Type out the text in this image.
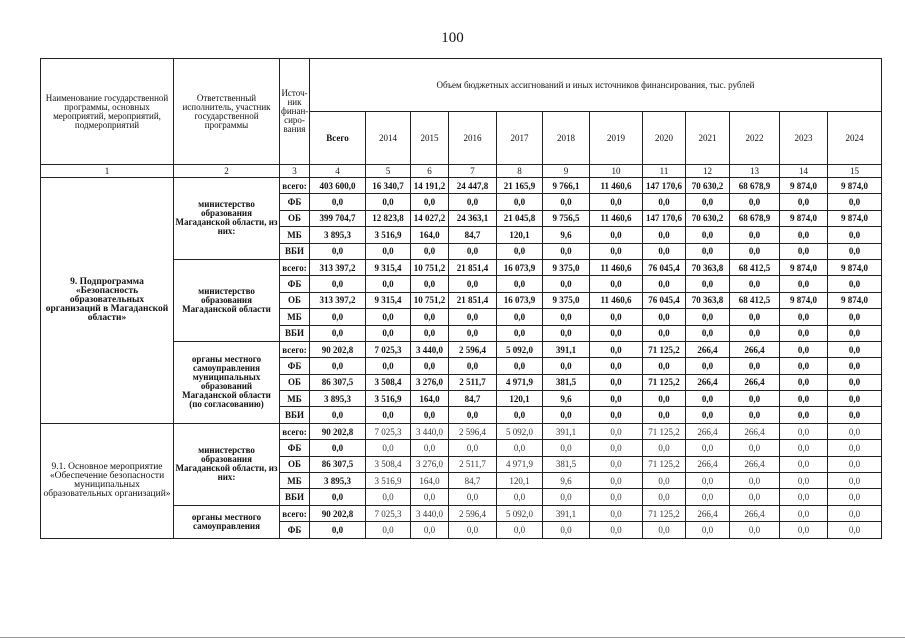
100
Наименование государственной программы, основных мероприятий, мероприятий, подмероприятий	Ответственный исполнитель, участник государственной программы	Источ-ник финан-сиро-вания	Объем бюджетных ассигнований и иных источников финансирования, тыс. рублей											
			Всего	2014	2015	2016	2017	2018	2019	2020	2021	2022	2023	2024
1	2	3	4	5	6	7	8	9	10	11	12	13	14	15
9. Подпрограмма «Безопасность образовательных организаций в Магаданской области»	министерство образования Магаданской области, из них:	всего:	403 600,0	16 340,7	14 191,2	24 447,8	21 165,9	9 766,1	11 460,6	147 170,6	70 630,2	68 678,9	9 874,0	9 874,0
		ФБ	0,0	0,0	0,0	0,0	0,0	0,0	0,0	0,0	0,0	0,0	0,0	0,0
		ОБ	399 704,7	12 823,8	14 027,2	24 363,1	21 045,8	9 756,5	11 460,6	147 170,6	70 630,2	68 678,9	9 874,0	9 874,0
		МБ	3 895,3	3 516,9	164,0	84,7	120,1	9,6	0,0	0,0	0,0	0,0	0,0	0,0
		ВБИ	0,0	0,0	0,0	0,0	0,0	0,0	0,0	0,0	0,0	0,0	0,0	0,0
	министерство образования Магаданской области	всего:	313 397,2	9 315,4	10 751,2	21 851,4	16 073,9	9 375,0	11 460,6	76 045,4	70 363,8	68 412,5	9 874,0	9 874,0
		ФБ	0,0	0,0	0,0	0,0	0,0	0,0	0,0	0,0	0,0	0,0	0,0	0,0
		ОБ	313 397,2	9 315,4	10 751,2	21 851,4	16 073,9	9 375,0	11 460,6	76 045,4	70 363,8	68 412,5	9 874,0	9 874,0
		МБ	0,0	0,0	0,0	0,0	0,0	0,0	0,0	0,0	0,0	0,0	0,0	0,0
		ВБИ	0,0	0,0	0,0	0,0	0,0	0,0	0,0	0,0	0,0	0,0	0,0	0,0
	органы местного самоуправления муниципальных образований Магаданской области (по согласованию)	всего:	90 202,8	7 025,3	3 440,0	2 596,4	5 092,0	391,1	0,0	71 125,2	266,4	266,4	0,0	0,0
		ФБ	0,0	0,0	0,0	0,0	0,0	0,0	0,0	0,0	0,0	0,0	0,0	0,0
		ОБ	86 307,5	3 508,4	3 276,0	2 511,7	4 971,9	381,5	0,0	71 125,2	266,4	266,4	0,0	0,0
		МБ	3 895,3	3 516,9	164,0	84,7	120,1	9,6	0,0	0,0	0,0	0,0	0,0	0,0
		ВБИ	0,0	0,0	0,0	0,0	0,0	0,0	0,0	0,0	0,0	0,0	0,0	0,0
9.1. Основное мероприятие «Обеспечение безопасности муниципальных образовательных организаций»	министерство образования Магаданской области, из них:	всего:	90 202,8	7 025,3	3 440,0	2 596,4	5 092,0	391,1	0,0	71 125,2	266,4	266,4	0,0	0,0
		ФБ	0,0	0,0	0,0	0,0	0,0	0,0	0,0	0,0	0,0	0,0	0,0	0,0
		ОБ	86 307,5	3 508,4	3 276,0	2 511,7	4 971,9	381,5	0,0	71 125,2	266,4	266,4	0,0	0,0
		МБ	3 895,3	3 516,9	164,0	84,7	120,1	9,6	0,0	0,0	0,0	0,0	0,0	0,0
		ВБИ	0,0	0,0	0,0	0,0	0,0	0,0	0,0	0,0	0,0	0,0	0,0	0,0
	органы местного самоуправления	всего:	90 202,8	7 025,3	3 440,0	2 596,4	5 092,0	391,1	0,0	71 125,2	266,4	266,4	0,0	0,0
		ФБ	0,0	0,0	0,0	0,0	0,0	0,0	0,0	0,0	0,0	0,0	0,0	0,0
